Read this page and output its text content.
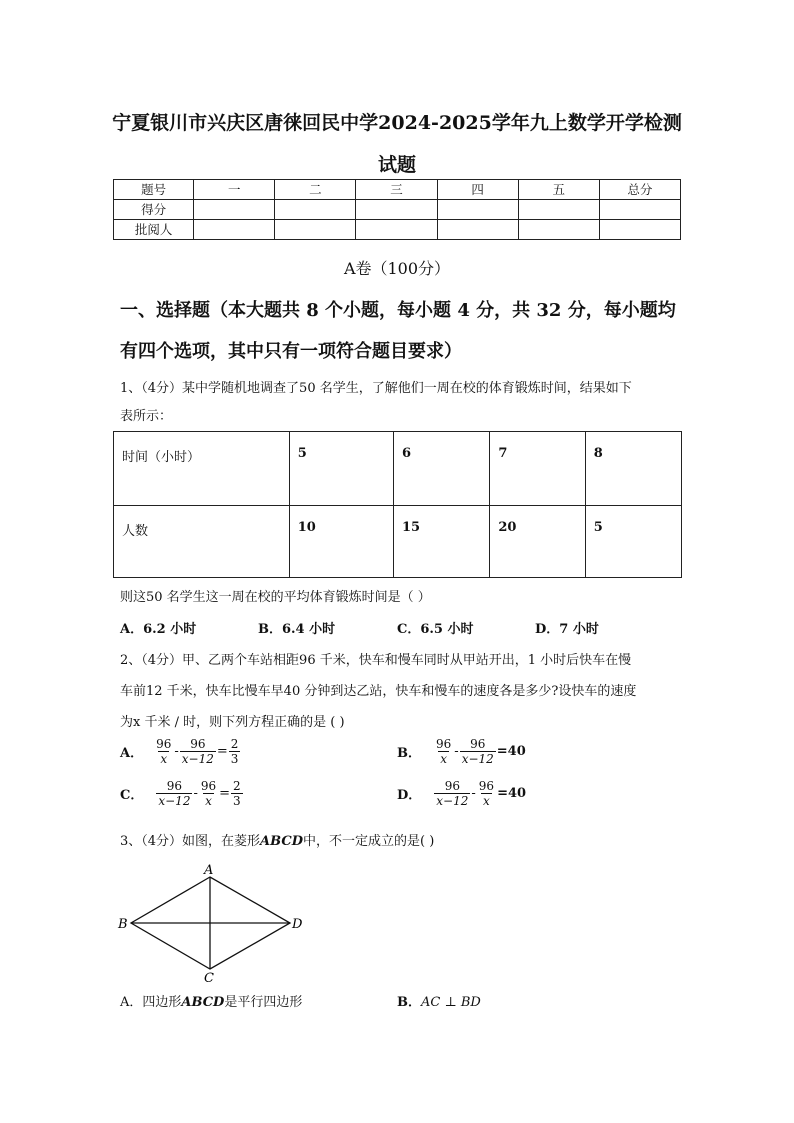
宁夏银川市兴庆区唐徕回民中学2024-2025学年九上数学开学检测
试题
题号	一	二	三	四	五	总分
得分						
批阅人						
A卷（100分）
一、选择题（本大题共 8 个小题，每小题 4 分，共 32 分，每小题均
有四个选项，其中只有一项符合题目要求）
1、（4分）某中学随机地调查了50 名学生，了解他们一周在校的体育锻炼时间，结果如下
表所示：
时间（小时）	5	6	7	8
人数	10	15	20	5
则这50 名学生这一周在校的平均体育锻炼时间是（ ）
A．6.2 小时	B．6.4 小时	C．6.5 小时	D．7 小时
2、（4分）甲、乙两个车站相距96 千米，快车和慢车同时从甲站开出，1 小时后快车在慢
车前12 千米，快车比慢车早40 分钟到达乙站，快车和慢车的速度各是多少?设快车的速度
为x 千米 / 时，则下列方程正确的是 ( )
A． $\frac{96}{x} - \frac{96}{x-12} = \frac{2}{3}$	B． $\frac{96}{x} - \frac{96}{x-12} =40$
C． $\frac{96}{x-12} - \frac{96}{x} = \frac{2}{3}$	D． $\frac{96}{x-12} - \frac{96}{x} =40$
3、（4分）如图，在菱形ABCD中，不一定成立的是( )
A
B
C
D
A．四边形ABCD是平行四边形	B．AC ⊥ BD
